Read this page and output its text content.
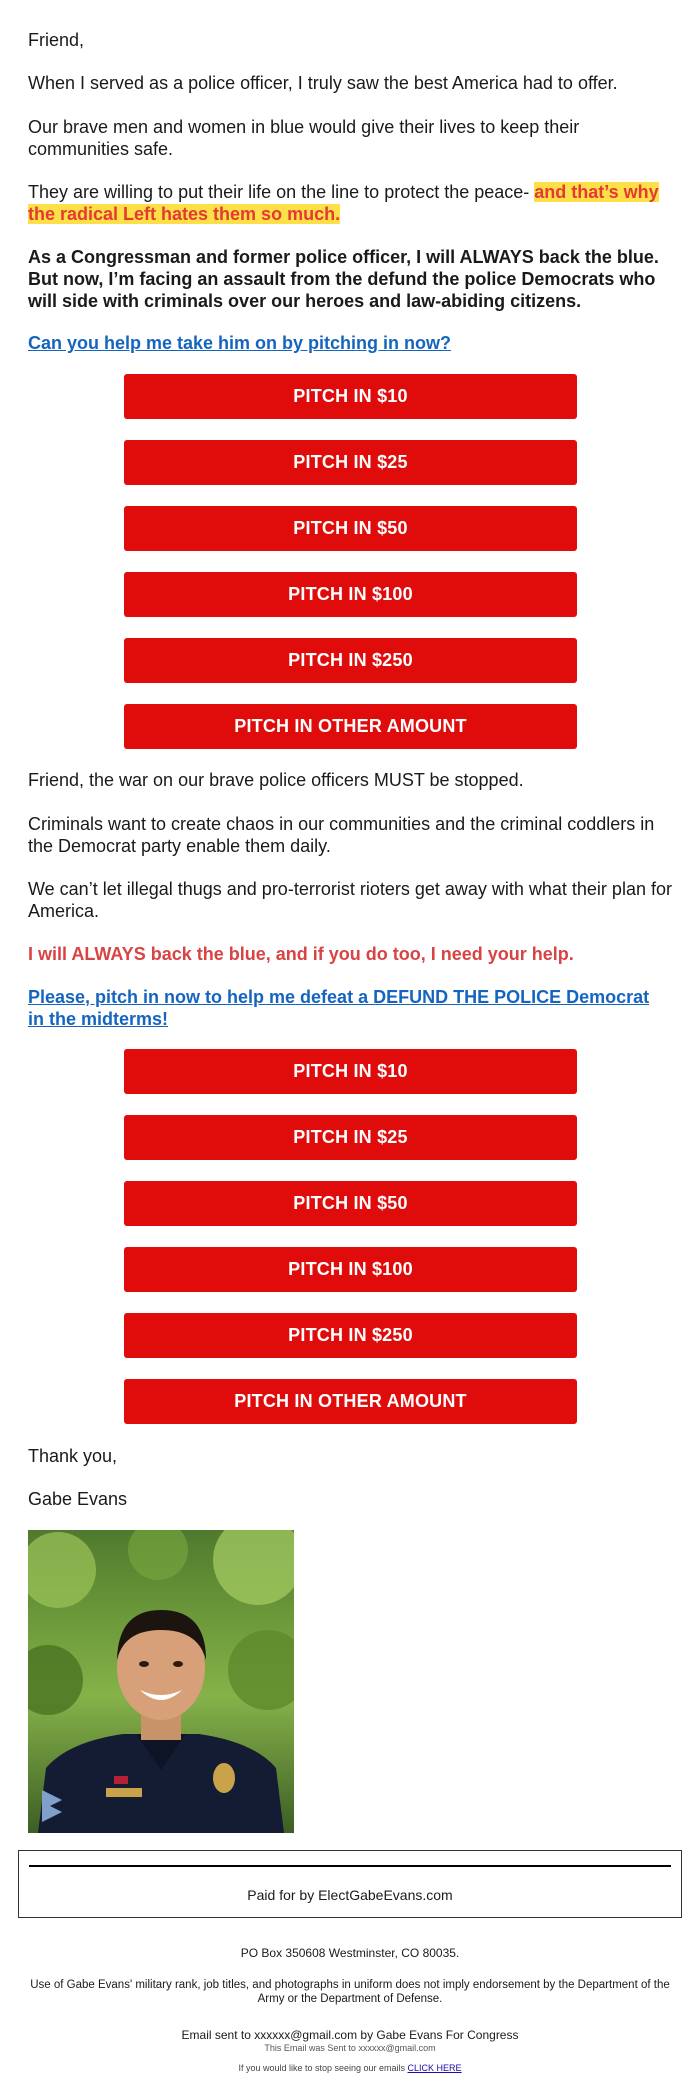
Friend,

When I served as a police officer, I truly saw the best America had to offer.

Our brave men and women in blue would give their lives to keep their communities safe.

They are willing to put their life on the line to protect the peace- and that’s why the radical Left hates them so much.

As a Congressman and former police officer, I will ALWAYS back the blue. But now, I’m facing an assault from the defund the police Democrats who will side with criminals over our heroes and law-abiding citizens.

Can you help me take him on by pitching in now?
PITCH IN $10
PITCH IN $25
PITCH IN $50
PITCH IN $100
PITCH IN $250
PITCH IN OTHER AMOUNT

Friend, the war on our brave police officers MUST be stopped.

Criminals want to create chaos in our communities and the criminal coddlers in the Democrat party enable them daily.

We can’t let illegal thugs and pro-terrorist rioters get away with what their plan for America.

I will ALWAYS back the blue, and if you do too, I need your help.

Please, pitch in now to help me defeat a DEFUND THE POLICE Democrat in the midterms!
PITCH IN $10
PITCH IN $25
PITCH IN $50
PITCH IN $100
PITCH IN $250
PITCH IN OTHER AMOUNT

Thank you,

Gabe Evans

Paid for by ElectGabeEvans.com
PO Box 350608 Westminster, CO 80035.
Use of Gabe Evans' military rank, job titles, and photographs in uniform does not imply endorsement by the Department of the Army or the Department of Defense.
Email sent to xxxxxx@gmail.com by Gabe Evans For Congress
This Email was Sent to xxxxxx@gmail.com
If you would like to stop seeing our emails CLICK HERE
